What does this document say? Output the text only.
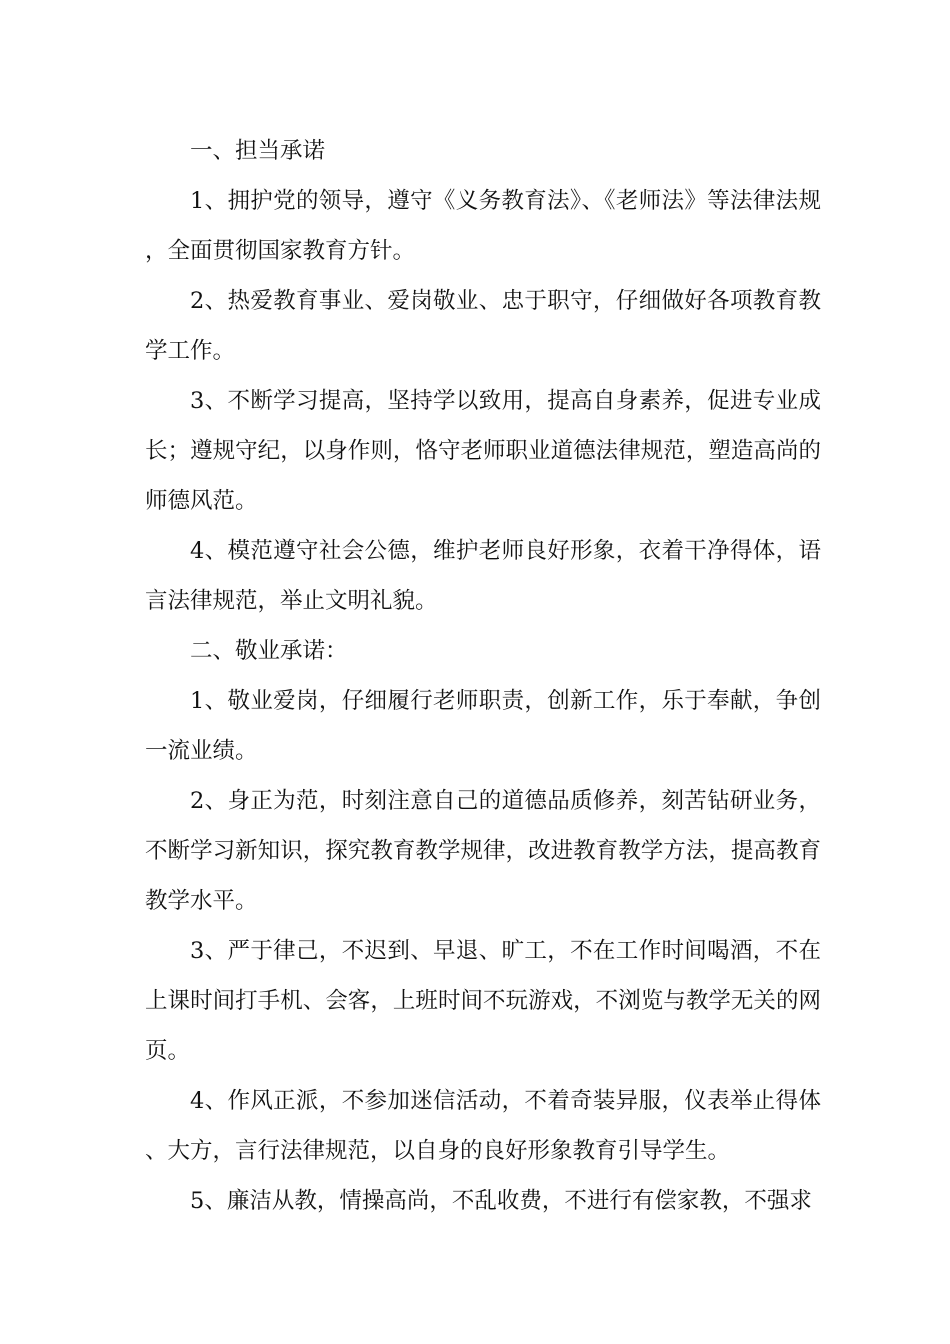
一、担当承诺

1、拥护党的领导，遵守《义务教育法》、《老师法》等法律法规，全面贯彻国家教育方针。

2、热爱教育事业、爱岗敬业、忠于职守，仔细做好各项教育教学工作。

3、不断学习提高，坚持学以致用，提高自身素养，促进专业成长；遵规守纪，以身作则，恪守老师职业道德法律规范，塑造高尚的师德风范。

4、模范遵守社会公德，维护老师良好形象，衣着干净得体，语言法律规范，举止文明礼貌。

二、敬业承诺：

1、敬业爱岗，仔细履行老师职责，创新工作，乐于奉献，争创一流业绩。

2、身正为范，时刻注意自己的道德品质修养，刻苦钻研业务，不断学习新知识，探究教育教学规律，改进教育教学方法，提高教育教学水平。

3、严于律己，不迟到、早退、旷工，不在工作时间喝酒，不在上课时间打手机、会客，上班时间不玩游戏，不浏览与教学无关的网页。

4、作风正派，不参加迷信活动，不着奇装异服，仪表举止得体、大方，言行法律规范，以自身的良好形象教育引导学生。

5、廉洁从教，情操高尚，不乱收费，不进行有偿家教，不强求
